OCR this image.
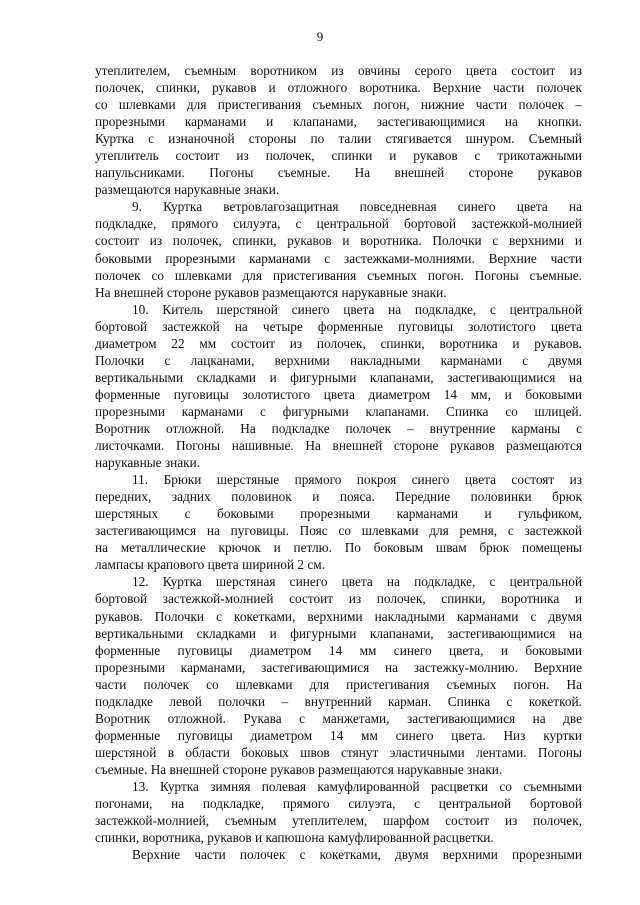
9
утеплителем, съемным воротником из овчины серого цвета состоит из
полочек, спинки, рукавов и отложного воротника. Верхние части полочек
со шлевками для пристегивания съемных погон, нижние части полочек –
прорезными карманами и клапанами, застегивающимися на кнопки.
Куртка с изнаночной стороны по талии стягивается шнуром. Съемный
утеплитель состоит из полочек, спинки и рукавов с трикотажными
напульсниками. Погоны съемные. На внешней стороне рукавов
размещаются нарукавные знаки.
9. Куртка ветровлагозащитная повседневная синего цвета на
подкладке, прямого силуэта, с центральной бортовой застежкой-молнией
состоит из полочек, спинки, рукавов и воротника. Полочки с верхними и
боковыми прорезными карманами с застежками-молниями. Верхние части
полочек со шлевками для пристегивания съемных погон. Погоны съемные.
На внешней стороне рукавов размещаются нарукавные знаки.
10. Китель шерстяной синего цвета на подкладке, с центральной
бортовой застежкой на четыре форменные пуговицы золотистого цвета
диаметром 22 мм состоит из полочек, спинки, воротника и рукавов.
Полочки с лацканами, верхними накладными карманами с двумя
вертикальными складками и фигурными клапанами, застегивающимися на
форменные пуговицы золотистого цвета диаметром 14 мм, и боковыми
прорезными карманами с фигурными клапанами. Спинка со шлицей.
Воротник отложной. На подкладке полочек – внутренние карманы с
листочками. Погоны нашивные. На внешней стороне рукавов размещаются
нарукавные знаки.
11. Брюки шерстяные прямого покроя синего цвета состоят из
передних, задних половинок и пояса. Передние половинки брюк
шерстяных с боковыми прорезными карманами и гульфиком,
застегивающимся на пуговицы. Пояс со шлевками для ремня, с застежкой
на металлические крючок и петлю. По боковым швам брюк помещены
лампасы крапового цвета шириной 2 см.
12. Куртка шерстяная синего цвета на подкладке, с центральной
бортовой застежкой-молнией состоит из полочек, спинки, воротника и
рукавов. Полочки с кокетками, верхними накладными карманами с двумя
вертикальными складками и фигурными клапанами, застегивающимися на
форменные пуговицы диаметром 14 мм синего цвета, и боковыми
прорезными карманами, застегивающимися на застежку-молнию. Верхние
части полочек со шлевками для пристегивания съемных погон. На
подкладке левой полочки – внутренний карман. Спинка с кокеткой.
Воротник отложной. Рукава с манжетами, застегивающимися на две
форменные пуговицы диаметром 14 мм синего цвета. Низ куртки
шерстяной в области боковых швов стянут эластичными лентами. Погоны
съемные. На внешней стороне рукавов размещаются нарукавные знаки.
13. Куртка зимняя полевая камуфлированной расцветки со съемными
погонами, на подкладке, прямого силуэта, с центральной бортовой
застежкой-молнией, съемным утеплителем, шарфом состоит из полочек,
спинки, воротника, рукавов и капюшона камуфлированной расцветки.
Верхние части полочек с кокетками, двумя верхними прорезными
